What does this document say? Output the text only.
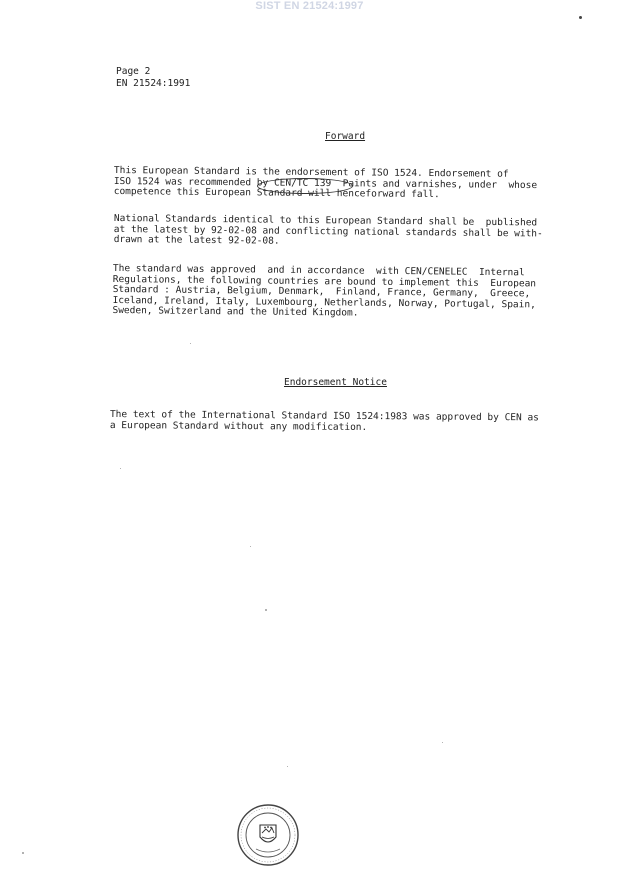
SIST EN 21524:1997
Page 2
EN 21524:1991
Forward
This European Standard is the endorsement of ISO 1524. Endorsement of
ISO 1524 was recommended by CEN/TC 139  Paints and varnishes, under  whose
competence this European Standard will henceforward fall.
National Standards identical to this European Standard shall be  published
at the latest by 92-02-08 and conflicting national standards shall be with-
drawn at the latest 92-02-08.
The standard was approved  and in accordance  with CEN/CENELEC  Internal
Regulations, the following countries are bound to implement this  European
Standard : Austria, Belgium, Denmark,  Finland, France, Germany,  Greece,
Iceland, Ireland, Italy, Luxembourg, Netherlands, Norway, Portugal, Spain,
Sweden, Switzerland and the United Kingdom.
Endorsement Notice
The text of the International Standard ISO 1524:1983 was approved by CEN as
a European Standard without any modification.
